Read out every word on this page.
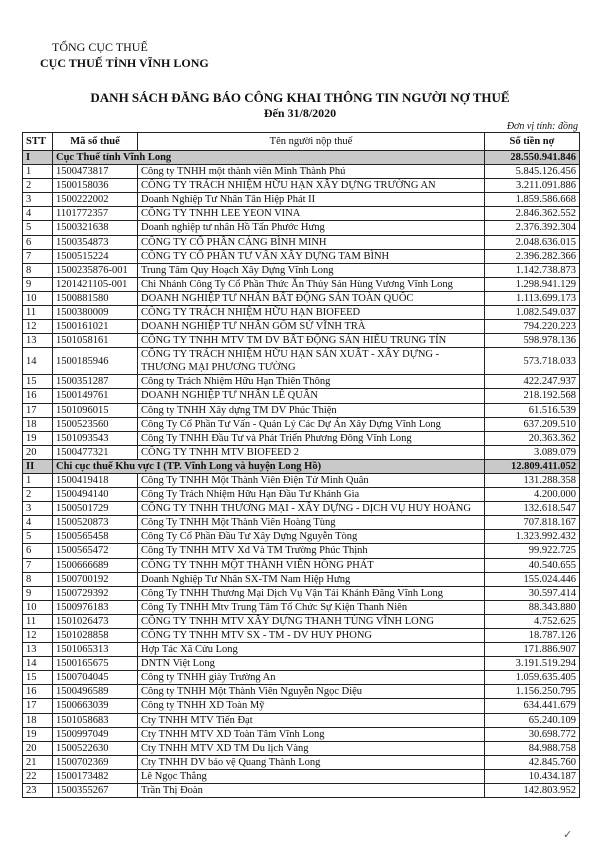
TỔNG CỤC THUẾ
CỤC THUẾ TỈNH VĨNH LONG
DANH SÁCH ĐĂNG BÁO CÔNG KHAI THÔNG TIN NGƯỜI NỢ THUẾ
Đến 31/8/2020
Đơn vị tính: đồng
STT	Mã số thuế	Tên người nộp thuế	Số tiền nợ
I	Cục Thuế tỉnh Vĩnh Long		28.550.941.846
1	1500473817	Công ty TNHH một thành viên Minh Thành Phú	5.845.126.456
2	1500158036	CÔNG TY TRÁCH NHIỆM HỮU HẠN XÂY DỰNG TRƯỜNG AN	3.211.091.886
3	1500222002	Doanh Nghiệp Tư Nhân Tân Hiệp Phát II	1.859.586.668
4	1101772357	CÔNG TY TNHH LEE YEON VINA	2.846.362.552
5	1500321638	Doanh nghiệp tư nhân Hồ Tấn Phước Hưng	2.376.392.304
6	1500354873	CÔNG TY CỔ PHẦN CẢNG BÌNH MINH	2.048.636.015
7	1500515224	CÔNG TY CỔ PHẦN TƯ VẤN XÂY DỰNG TAM BÌNH	2.396.282.366
8	1500235876-001	Trung Tâm Quy Hoạch Xây Dựng Vĩnh Long	1.142.738.873
9	1201421105-001	Chi Nhánh Công Ty Cổ Phần Thức Ăn Thủy Sản Hùng Vương Vĩnh Long	1.298.941.129
10	1500881580	DOANH NGHIỆP TƯ NHÂN BẤT ĐỘNG SẢN TOÀN QUỐC	1.113.699.173
11	1500380009	CÔNG TY TRÁCH NHIỆM HỮU HẠN BIOFEED	1.082.549.037
12	1500161021	DOANH NGHIỆP TƯ NHÂN GỐM SỨ VĨNH TRÀ	794.220.223
13	1501058161	CÔNG TY TNHH MTV TM DV BẤT ĐỘNG SẢN HIẾU TRUNG TÍN	598.978.136
14	1500185946	CÔNG TY TRÁCH NHIỆM HỮU HẠN SẢN XUẤT - XÂY DỰNG - THƯƠNG MẠI PHƯƠNG TƯỜNG	573.718.033
15	1500351287	Công ty Trách Nhiệm Hữu Hạn Thiên Thông	422.247.937
16	1500149761	DOANH NGHIỆP TƯ NHÂN LÊ QUÂN	218.192.568
17	1501096015	Công ty TNHH Xây dựng TM DV Phúc Thiện	61.516.539
18	1500523560	Công Ty Cổ Phần Tư Vấn - Quản Lý Các Dự Án Xây Dựng Vĩnh Long	637.209.510
19	1501093543	Công Ty TNHH Đầu Tư và Phát Triển Phương Đông Vĩnh Long	20.363.362
20	1500477321	CÔNG TY TNHH MTV BIOFEED 2	3.089.079
II	Chi cục thuế Khu vực I (TP. Vĩnh Long và huyện Long Hồ)		12.809.411.052
1	1500419418	Công Ty TNHH Một Thành Viên Điện Tử Minh Quân	131.288.358
2	1500494140	Công Ty Trách Nhiệm Hữu Hạn Đầu Tư Khánh Gia	4.200.000
3	1500501729	CÔNG TY TNHH THƯƠNG MẠI - XÂY DỰNG - DỊCH VỤ HUY HOÀNG	132.618.547
4	1500520873	Công Ty TNHH Một Thành Viên Hoàng Tùng	707.818.167
5	1500565458	Công Ty Cổ Phần Đầu Tư Xây Dựng Nguyễn Tòng	1.323.992.432
6	1500565472	Công Ty TNHH MTV Xd Và TM Trường Phúc Thịnh	99.922.725
7	1500666689	CÔNG TY TNHH MỘT THÀNH VIÊN HỒNG PHÁT	40.540.655
8	1500700192	Doanh Nghiệp Tư Nhân SX-TM Nam Hiệp Hưng	155.024.446
9	1500729392	Công Ty TNHH Thương Mại Dịch Vụ Vận Tải Khánh Đăng Vĩnh Long	30.597.414
10	1500976183	Công Ty TNHH Mtv Trung Tâm Tổ Chức Sự Kiện Thanh Niên	88.343.880
11	1501026473	CÔNG TY TNHH MTV XÂY DỰNG THANH TÙNG VĨNH LONG	4.752.625
12	1501028858	CÔNG TY TNHH MTV SX - TM - DV HUY PHONG	18.787.126
13	1501065313	Hợp Tác Xã Cửu Long	171.886.907
14	1500165675	DNTN Việt Long	3.191.519.294
15	1500704045	Công ty TNHH giày Trường An	1.059.635.405
16	1500496589	Công ty TNHH Một Thành Viên Nguyễn Ngọc Diệu	1.156.250.795
17	1500663039	Công ty TNHH XD Toàn Mỹ	634.441.679
18	1501058683	Cty TNHH MTV Tiến Đạt	65.240.109
19	1500997049	Cty TNHH MTV XD Toàn Tâm Vĩnh Long	30.698.772
20	1500522630	Cty TNHH MTV XD TM Du lịch Vàng	84.988.758
21	1500702369	Cty TNHH DV bảo vệ Quang Thành Long	42.845.760
22	1500173482	Lê Ngọc Thắng	10.434.187
23	1500355267	Trần Thị Đoàn	142.803.952
✓
